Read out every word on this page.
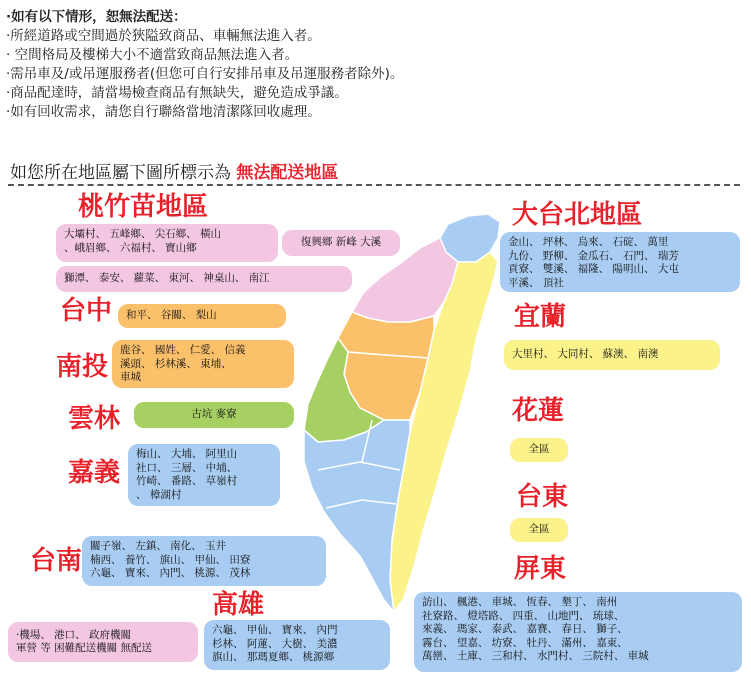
·如有以下情形，恕無法配送：
·所經道路或空間過於狹隘致商品、車輛無法進入者。
· 空間格局及樓梯大小不適當致商品無法進入者。
·需吊車及/或吊運服務者(但您可自行安排吊車及吊運服務者除外)。
·商品配達時，請當場檢查商品有無缺失，避免造成爭議。
·如有回收需求，請您自行聯絡當地清潔隊回收處理。
如您所在地區屬下圖所標示為 無法配送地區
桃竹苗地區
大壩村、 五峰鄉、 尖石鄉、 橫山
、峨眉鄉、 六福村、 寶山鄉	復興鄉 新峰 大溪
獅潭、 泰安、 蘿菜、 東河、 神桌山、 南江
台中 和平、 谷關、 梨山
南投
鹿谷、 國姓、 仁愛、 信義
溪頭、 杉林溪、 東埔、
車城
雲林	古坑 麥寮
嘉義
梅山、 大埔、 阿里山
社口、 三層、 中埔、
竹崎、 番路、 草嶺村
、 樟湖村
台南 關子嶺、 左鎮、 南化、 玉井
楠西、 養竹、 旗山、 甲仙、 田寮
六龜、 寶來、 內門、 桃源、 茂林
高雄
·機場、 港口、 政府機關
軍營 等 困難配送機關 無配送
六龜、 甲仙、 寶來、 內門
杉林、 阿蓮、 大樹、 美濃
旗山、 那瑪夏鄉、 桃源鄉
大台北地區
金山、 坪林、 烏來、 石碇、 萬里
九份、 野柳、 金瓜石、 石門、 瑞芳
貢寮、 雙溪、 福隆、 陽明山、 大屯
平溪、 頂社
宜蘭
大里村、 大同村、 蘇澳、 南澳
花蓮
全區
台東
全區
屏東
訪山、 楓港、 車城、 恆春、 墾丁、 南州
社寮路、 燈塔路、 四重、 山地門、 琉球、
來義、 瑪家、 泰武、 嘉賽、 春日、 獅子、
霧台、 望嘉、 坊寮、 牡丹、 滿州、 嘉東、
萬巒、 土庫、 三和村、 水門村、 三院村、 車城
